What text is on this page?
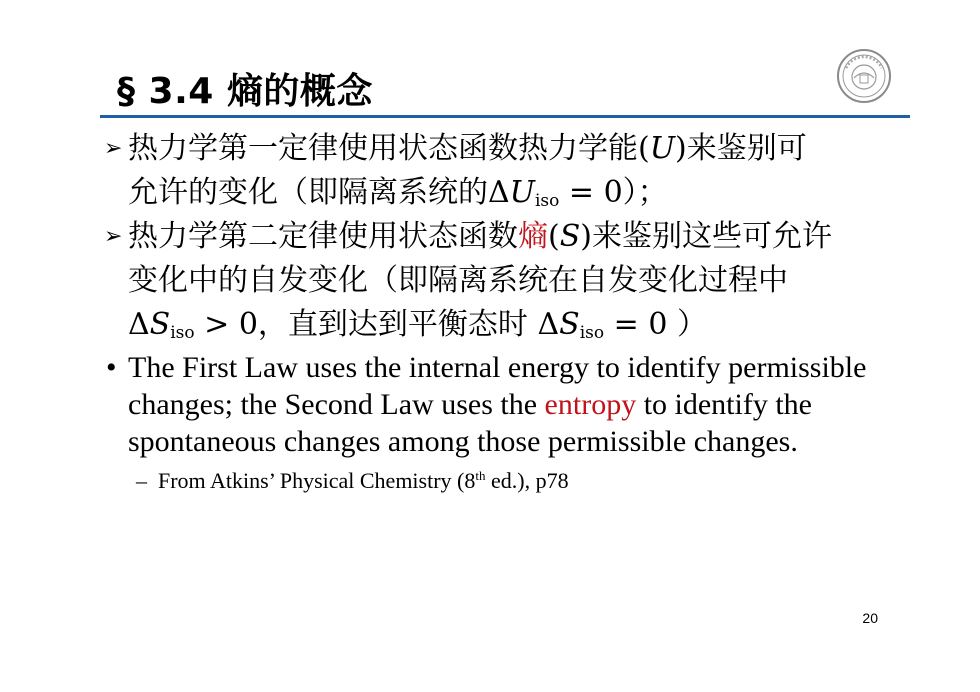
§ 3.4 熵的概念
➢ 热力学第一定律使用状态函数热力学能(U)来鉴别可
允许的变化（即隔离系统的$\Delta U_{iso} = 0$）；
➢ 热力学第二定律使用状态函数熵(S)来鉴别这些可允许
变化中的自发变化（即隔离系统在自发变化过程中
$\Delta S_{iso} > 0$，直到达到平衡态时 $\Delta S_{iso} = 0$ ）
• The First Law uses the internal energy to identify permissible changes; the Second Law uses the entropy to identify the spontaneous changes among those permissible changes.
– From Atkins’ Physical Chemistry (8th ed.), p78
20
